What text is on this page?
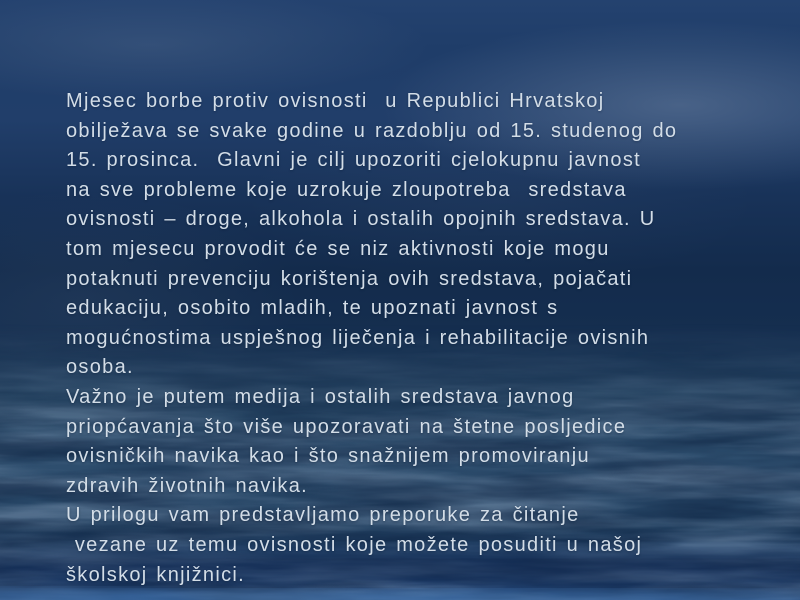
Mjesec borbe protiv ovisnosti  u Republici Hrvatskoj
obilježava se svake godine u razdoblju od 15. studenog do
15. prosinca.  Glavni je cilj upozoriti cjelokupnu javnost
na sve probleme koje uzrokuje zloupotreba  sredstava
ovisnosti – droge, alkohola i ostalih opojnih sredstava. U
tom mjesecu provodit će se niz aktivnosti koje mogu
potaknuti prevenciju korištenja ovih sredstava, pojačati
edukaciju, osobito mladih, te upoznati javnost s
mogućnostima uspješnog liječenja i rehabilitacije ovisnih
osoba.
Važno je putem medija i ostalih sredstava javnog
priopćavanja što više upozoravati na štetne posljedice
ovisničkih navika kao i što snažnijem promoviranju
zdravih životnih navika.
U prilogu vam predstavljamo preporuke za čitanje
vezane uz temu ovisnosti koje možete posuditi u našoj
školskoj knjižnici.
